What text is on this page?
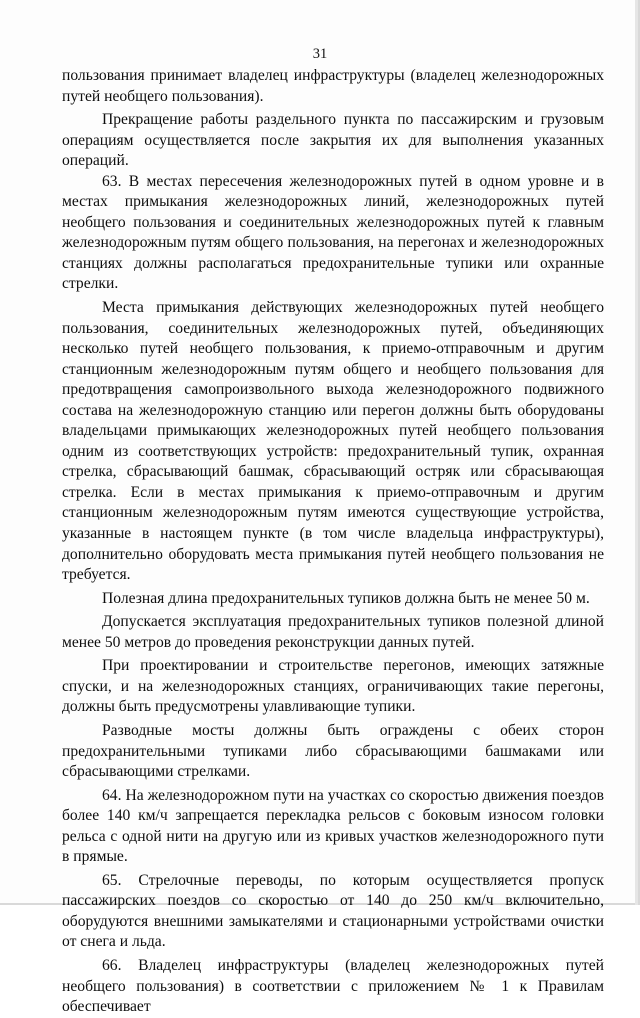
31

пользования принимает владелец инфраструктуры (владелец железнодорожных путей необщего пользования).

Прекращение работы раздельного пункта по пассажирским и грузовым операциям осуществляется после закрытия их для выполнения указанных операций.

63. В местах пересечения железнодорожных путей в одном уровне и в местах примыкания железнодорожных линий, железнодорожных путей необщего пользования и соединительных железнодорожных путей к главным железнодорожным путям общего пользования, на перегонах и железнодорожных станциях должны располагаться предохранительные тупики или охранные стрелки.

Места примыкания действующих железнодорожных путей необщего пользования, соединительных железнодорожных путей, объединяющих несколько путей необщего пользования, к приемо-отправочным и другим станционным железнодорожным путям общего и необщего пользования для предотвращения самопроизвольного выхода железнодорожного подвижного состава на железнодорожную станцию или перегон должны быть оборудованы владельцами примыкающих железнодорожных путей необщего пользования одним из соответствующих устройств: предохранительный тупик, охранная стрелка, сбрасывающий башмак, сбрасывающий остряк или сбрасывающая стрелка. Если в местах примыкания к приемо-отправочным и другим станционным железнодорожным путям имеются существующие устройства, указанные в настоящем пункте (в том числе владельца инфраструктуры), дополнительно оборудовать места примыкания путей необщего пользования не требуется.

Полезная длина предохранительных тупиков должна быть не менее 50 м.

Допускается эксплуатация предохранительных тупиков полезной длиной менее 50 метров до проведения реконструкции данных путей.

При проектировании и строительстве перегонов, имеющих затяжные спуски, и на железнодорожных станциях, ограничивающих такие перегоны, должны быть предусмотрены улавливающие тупики.

Разводные мосты должны быть ограждены с обеих сторон предохранительными тупиками либо сбрасывающими башмаками или сбрасывающими стрелками.

64. На железнодорожном пути на участках со скоростью движения поездов более 140 км/ч запрещается перекладка рельсов с боковым износом головки рельса с одной нити на другую или из кривых участков железнодорожного пути в прямые.

65. Стрелочные переводы, по которым осуществляется пропуск пассажирских поездов со скоростью от 140 до 250 км/ч включительно, оборудуются внешними замыкателями и стационарными устройствами очистки от снега и льда.

66. Владелец инфраструктуры (владелец железнодорожных путей необщего пользования) в соответствии с приложением № 1 к Правилам обеспечивает
